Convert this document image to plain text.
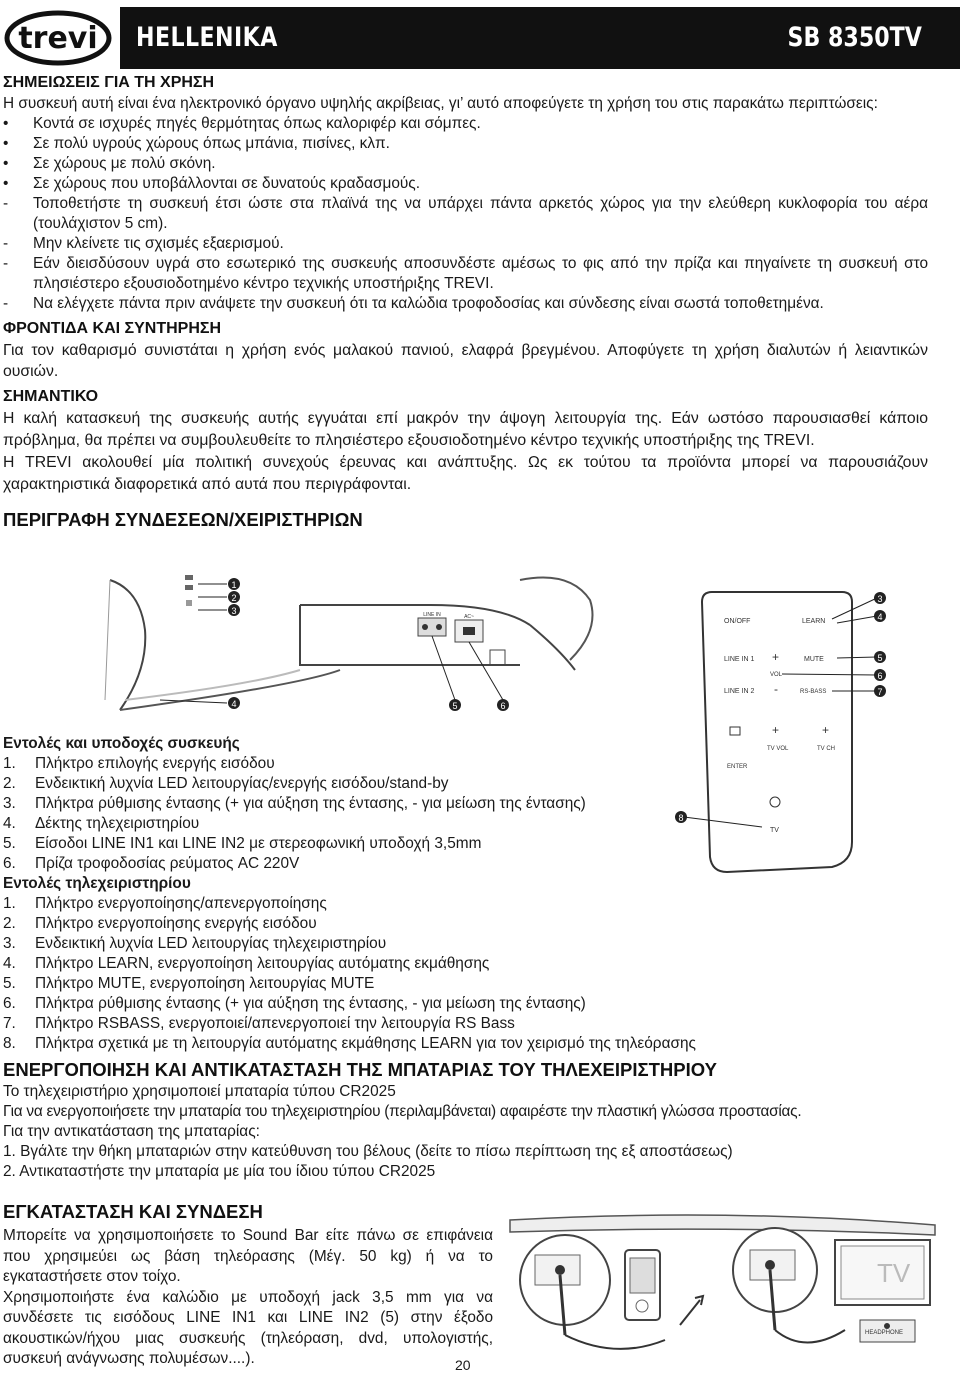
trevi HELLENIKA	SB 8350TV
ΣΗΜΕΙΩΣΕΙΣ ΓΙΑ ΤΗ ΧΡΗΣΗ
Η συσκευή αυτή είναι ένα ηλεκτρονικό όργανο υψηλής ακρίβειας, γι’ αυτό αποφεύγετε τη χρήση του στις παρακάτω περιπτώσεις:
•	Κοντά σε ισχυρές πηγές θερμότητας όπως καλοριφέρ και σόμπες.
•	Σε πολύ υγρούς χώρους όπως μπάνια, πισίνες, κλπ.
•	Σε χώρους με πολύ σκόνη.
•	Σε χώρους που υποβάλλονται σε δυνατούς κραδασμούς.
-	Τοποθετήστε τη συσκευή έτσι ώστε στα πλαϊνά της να υπάρχει πάντα αρκετός χώρος για την ελεύθερη κυκλοφορία του αέρα (τουλάχιστον 5 cm).
-	Μην κλείνετε τις σχισμές εξαερισμού.
-	Εάν διεισδύσουν υγρά στο εσωτερικό της συσκευής αποσυνδέστε αμέσως το φις από την πρίζα και πηγαίνετε τη συσκευή στο πλησιέστερο εξουσιοδοτημένο κέντρο τεχνικής υποστήριξης TREVI.
-	Να ελέγχετε πάντα πριν ανάψετε την συσκευή ότι τα καλώδια τροφοδοσίας και σύνδεσης είναι σωστά τοποθετημένα.
ΦΡΟΝΤΙΔΑ ΚΑΙ ΣΥΝΤΗΡΗΣΗ
Για τον καθαρισμό συνιστάται η χρήση ενός μαλακού πανιού, ελαφρά βρεγμένου. Αποφύγετε τη χρήση διαλυτών ή λειαντικών ουσιών.
ΣΗΜΑΝΤΙΚΟ
Η καλή κατασκευή της συσκευής αυτής εγγυάται επί μακρόν την άψογη λειτουργία της. Εάν ωστόσο παρουσιασθεί κάποιο πρόβλημα, θα πρέπει να συμβουλευθείτε το πλησιέστερο εξουσιοδοτημένο κέντρο τεχνικής υποστήριξης της TREVI.
Η TREVI ακολουθεί μία πολιτική συνεχούς έρευνας και ανάπτυξης. Ως εκ τούτου τα προϊόντα μπορεί να παρουσιάζουν χαρακτηριστικά διαφορετικά από αυτά που περιγράφονται.
ΠΕΡΙΓΡΑΦΗ ΣΥΝΔΕΣΕΩΝ/ΧΕΙΡΙΣΤΗΡΙΩΝ
1
2
3
4
LINE IN	AC~
5	6
ON/OFF	LEARN
LINE IN 1 +	MUTE
VOL
LINE IN 2 -	RS-BASS
TV VOL	TV CH
ENTER
+	+
TV
3
4
5
6
7
8
Εντολές και υποδοχές συσκευής
1.	Πλήκτρο επιλογής ενεργής εισόδου
2.	Ενδεικτική λυχνία LED λειτουργίας/ενεργής εισόδου/stand-by
3.	Πλήκτρα ρύθμισης έντασης (+ για αύξηση της έντασης, - για μείωση της έντασης)
4.	Δέκτης τηλεχειριστηρίου
5.	Είσοδοι LINE IN1 και LINE IN2 με στερεοφωνική υποδοχή 3,5mm
6.	Πρίζα τροφοδοσίας ρεύματος AC 220V
Εντολές τηλεχειριστηρίου
1.	Πλήκτρο ενεργοποίησης/απενεργοποίησης
2.	Πλήκτρο ενεργοποίησης ενεργής εισόδου
3.	Ενδεικτική λυχνία LED λειτουργίας τηλεχειριστηρίου
4.	Πλήκτρο LEARN, ενεργοποίηση λειτουργίας αυτόματης εκμάθησης
5.	Πλήκτρο MUTE, ενεργοποίηση λειτουργίας MUTE
6.	Πλήκτρα ρύθμισης έντασης (+ για αύξηση της έντασης, - για μείωση της έντασης)
7.	Πλήκτρο RSBASS, ενεργοποιεί/απενεργοποιεί την λειτουργία RS Bass
8.	Πλήκτρα σχετικά με τη λειτουργία αυτόματης εκμάθησης LEARN για τον χειρισμό της τηλεόρασης
ΕΝΕΡΓΟΠΟΙΗΣΗ ΚΑΙ ΑΝΤΙΚΑΤΑΣΤΑΣΗ ΤΗΣ ΜΠΑΤΑΡΙΑΣ ΤΟΥ ΤΗΛΕΧΕΙΡΙΣΤΗΡΙΟΥ
Το τηλεχειριστήριο χρησιμοποιεί μπαταρία τύπου CR2025
Για να ενεργοποιήσετε την μπαταρία του τηλεχειριστηρίου (περιλαμβάνεται) αφαιρέστε την πλαστική γλώσσα προστασίας.
Για την αντικατάσταση της μπαταρίας:
1. Βγάλτε την θήκη μπαταριών στην κατεύθυνση του βέλους (δείτε το πίσω περίπτωση της εξ αποστάσεως)
2. Αντικαταστήστε την μπαταρία με μία του ίδιου τύπου CR2025
ΕΓΚΑΤΑΣΤΑΣΗ ΚΑΙ ΣΥΝΔΕΣΗ
Μπορείτε να χρησιμοποιήσετε το Sound Bar είτε πάνω σε επιφάνεια που χρησιμεύει ως βάση τηλεόρασης (Μέγ. 50 kg) ή να το εγκαταστήσετε στον τοίχο.
Χρησιμοποιήστε ένα καλώδιο με υποδοχή jack 3,5 mm για να συνδέσετε τις εισόδους LINE IN1 και LINE IN2 (5) στην έξοδο ακουστικών/ήχου μιας συσκευής (τηλεόραση, dvd, υπολογιστής, συσκευή ανάγνωσης πολυμέσων....).
TV
HEADPHONE
20
